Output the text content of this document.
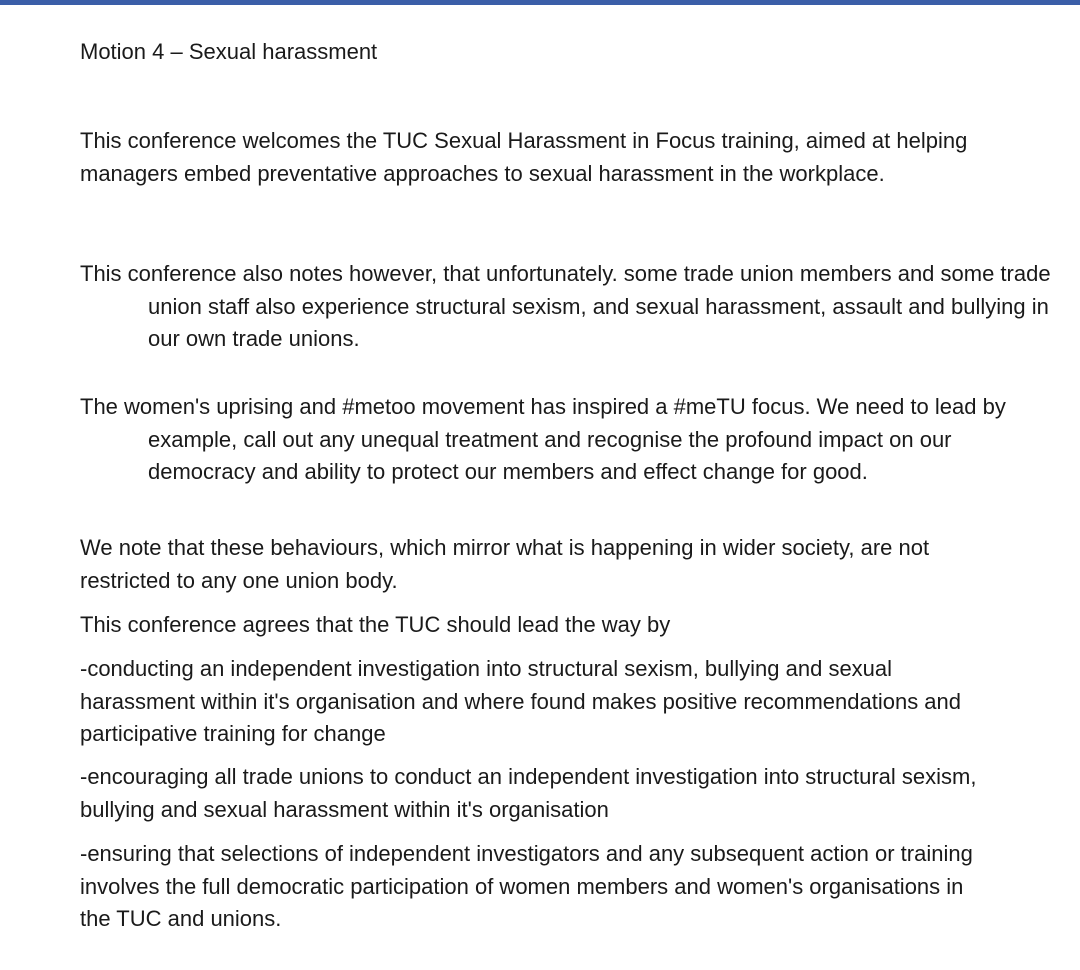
Motion 4 – Sexual harassment

This conference welcomes the TUC Sexual Harassment in Focus training, aimed at helping managers embed preventative approaches to sexual harassment in the workplace.

This conference also notes however, that unfortunately. some trade union members and some trade union staff also experience structural sexism, and sexual harassment, assault and bullying in our own trade unions.

The women's uprising and #metoo movement has inspired a #meTU focus. We need to lead by example, call out any unequal treatment and recognise the profound impact on our democracy and ability to protect our members and effect change for good.

We note that these behaviours, which mirror what is happening in wider society, are not restricted to any one union body.

This conference agrees that the TUC should lead the way by

-conducting an independent investigation into structural sexism, bullying and sexual harassment within it's organisation and where found makes positive recommendations and participative training for change

-encouraging all trade unions to conduct an independent investigation into structural sexism, bullying and sexual harassment within it's organisation

-ensuring that selections of independent investigators and any subsequent action or training involves the full democratic participation of women members and women's organisations in the TUC and unions.
